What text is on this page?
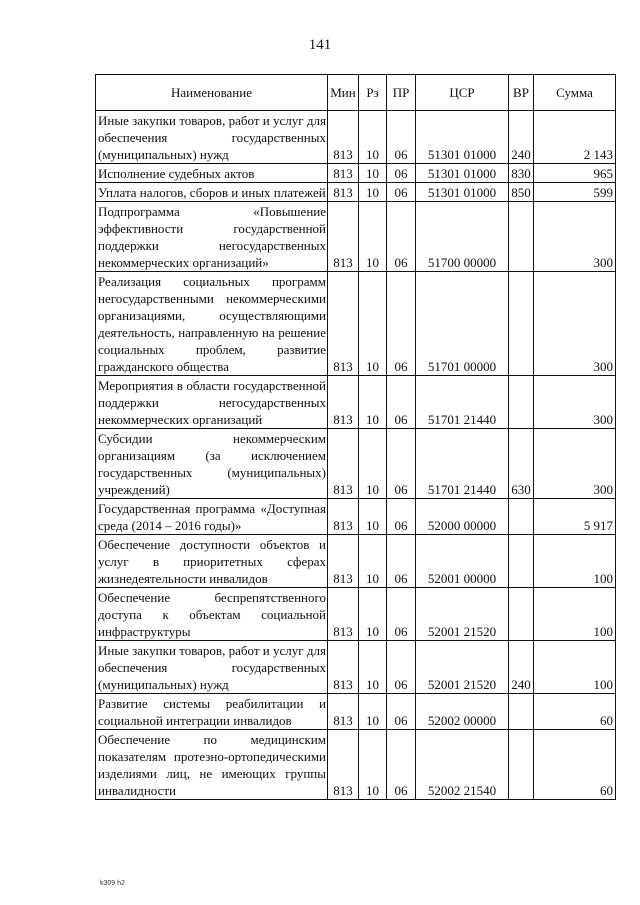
141
Наименование	Мин	Рз	ПР	ЦСР	ВР	Сумма
Иные закупки товаров, работ и услуг для обеспечения государственных (муниципальных) нужд	813	10	06	51301 01000	240	2 143
Исполнение судебных актов	813	10	06	51301 01000	830	965
Уплата налогов, сборов и иных платежей	813	10	06	51301 01000	850	599
Подпрограмма «Повышение эффективности государственной поддержки негосударственных некоммерческих организаций»	813	10	06	51700 00000		300
Реализация социальных программ негосударственными некоммерческими организациями, осуществляющими деятельность, направленную на решение социальных проблем, развитие гражданского общества	813	10	06	51701 00000		300
Мероприятия в области государственной поддержки негосударственных некоммерческих организаций	813	10	06	51701 21440		300
Субсидии некоммерческим организациям (за исключением государственных (муниципальных) учреждений)	813	10	06	51701 21440	630	300
Государственная программа «Доступная среда (2014 – 2016 годы)»	813	10	06	52000 00000		5 917
Обеспечение доступности объектов и услуг в приоритетных сферах жизнедеятельности инвалидов	813	10	06	52001 00000		100
Обеспечение беспрепятственного доступа к объектам социальной инфраструктуры	813	10	06	52001 21520		100
Иные закупки товаров, работ и услуг для обеспечения государственных (муниципальных) нужд	813	10	06	52001 21520	240	100
Развитие системы реабилитации и социальной интеграции инвалидов	813	10	06	52002 00000		60
Обеспечение по медицинским показателям протезно-ортопедическими изделиями лиц, не имеющих группы инвалидности	813	10	06	52002 21540		60
k309 h2
